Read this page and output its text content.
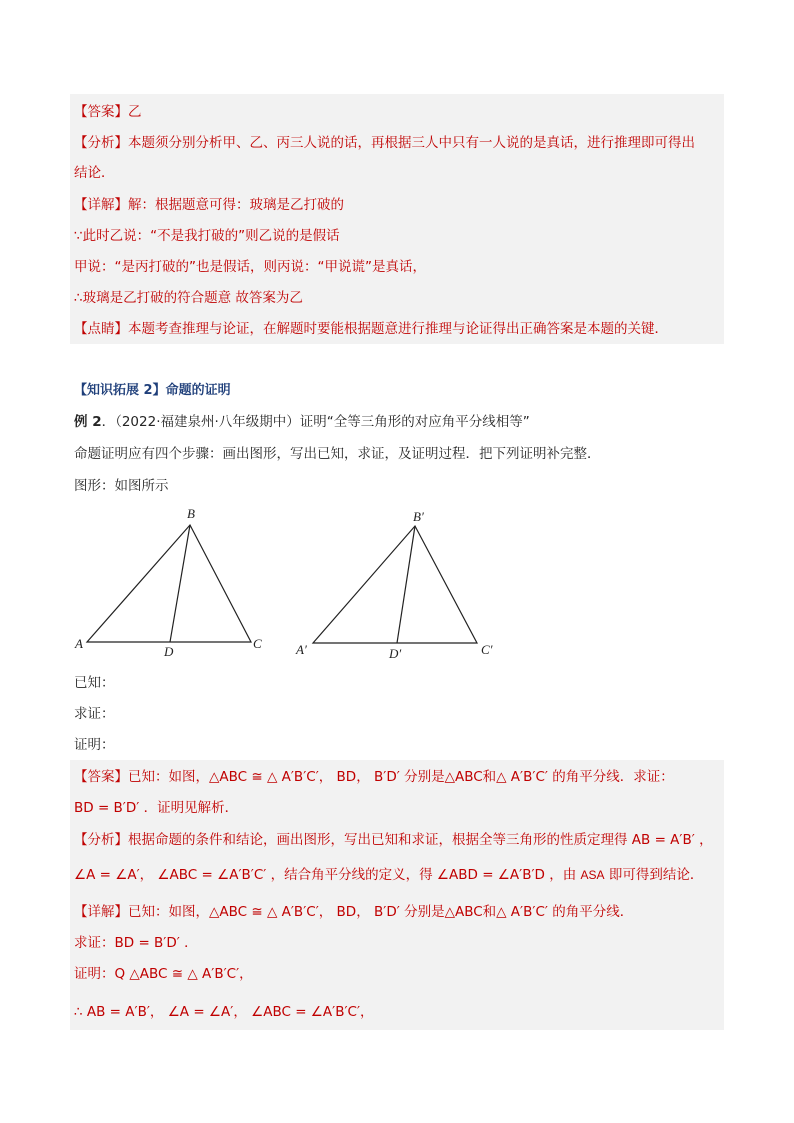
【答案】乙
【分析】本题须分别分析甲、乙、丙三人说的话，再根据三人中只有一人说的是真话，进行推理即可得出
结论．
【详解】解：根据题意可得：玻璃是乙打破的
∵此时乙说：“不是我打破的”则乙说的是假话
甲说：“是丙打破的”也是假话，则丙说：“甲说谎”是真话，
∴玻璃是乙打破的符合题意 故答案为乙
【点睛】本题考查推理与论证，在解题时要能根据题意进行推理与论证得出正确答案是本题的关键．
【知识拓展 2】命题的证明
例 2．（2022·福建泉州·八年级期中）证明“全等三角形的对应角平分线相等”
命题证明应有四个步骤：画出图形，写出已知，求证，及证明过程．把下列证明补完整．
图形：如图所示
B
A
D
C
B′
A′	D′	C′
已知：
求证：
证明：
【答案】已知：如图，△ABC ≅ △ A′B′C′， BD， B′D′ 分别是△ABC和△ A′B′C′ 的角平分线．求证：
BD = B′D′ ．证明见解析．
【分析】根据命题的条件和结论，画出图形，写出已知和求证，根据全等三角形的性质定理得 AB = A′B′ ，
∠A = ∠A′， ∠ABC = ∠A′B′C′ ，结合角平分线的定义，得 ∠ABD = ∠A′B′D ，由 ASA 即可得到结论．
【详解】已知：如图，△ABC ≅ △ A′B′C′， BD， B′D′ 分别是△ABC和△ A′B′C′ 的角平分线．
求证：BD = B′D′ ．
证明：Q △ABC ≅ △ A′B′C′，
∴ AB = A′B′， ∠A = ∠A′， ∠ABC = ∠A′B′C′，
